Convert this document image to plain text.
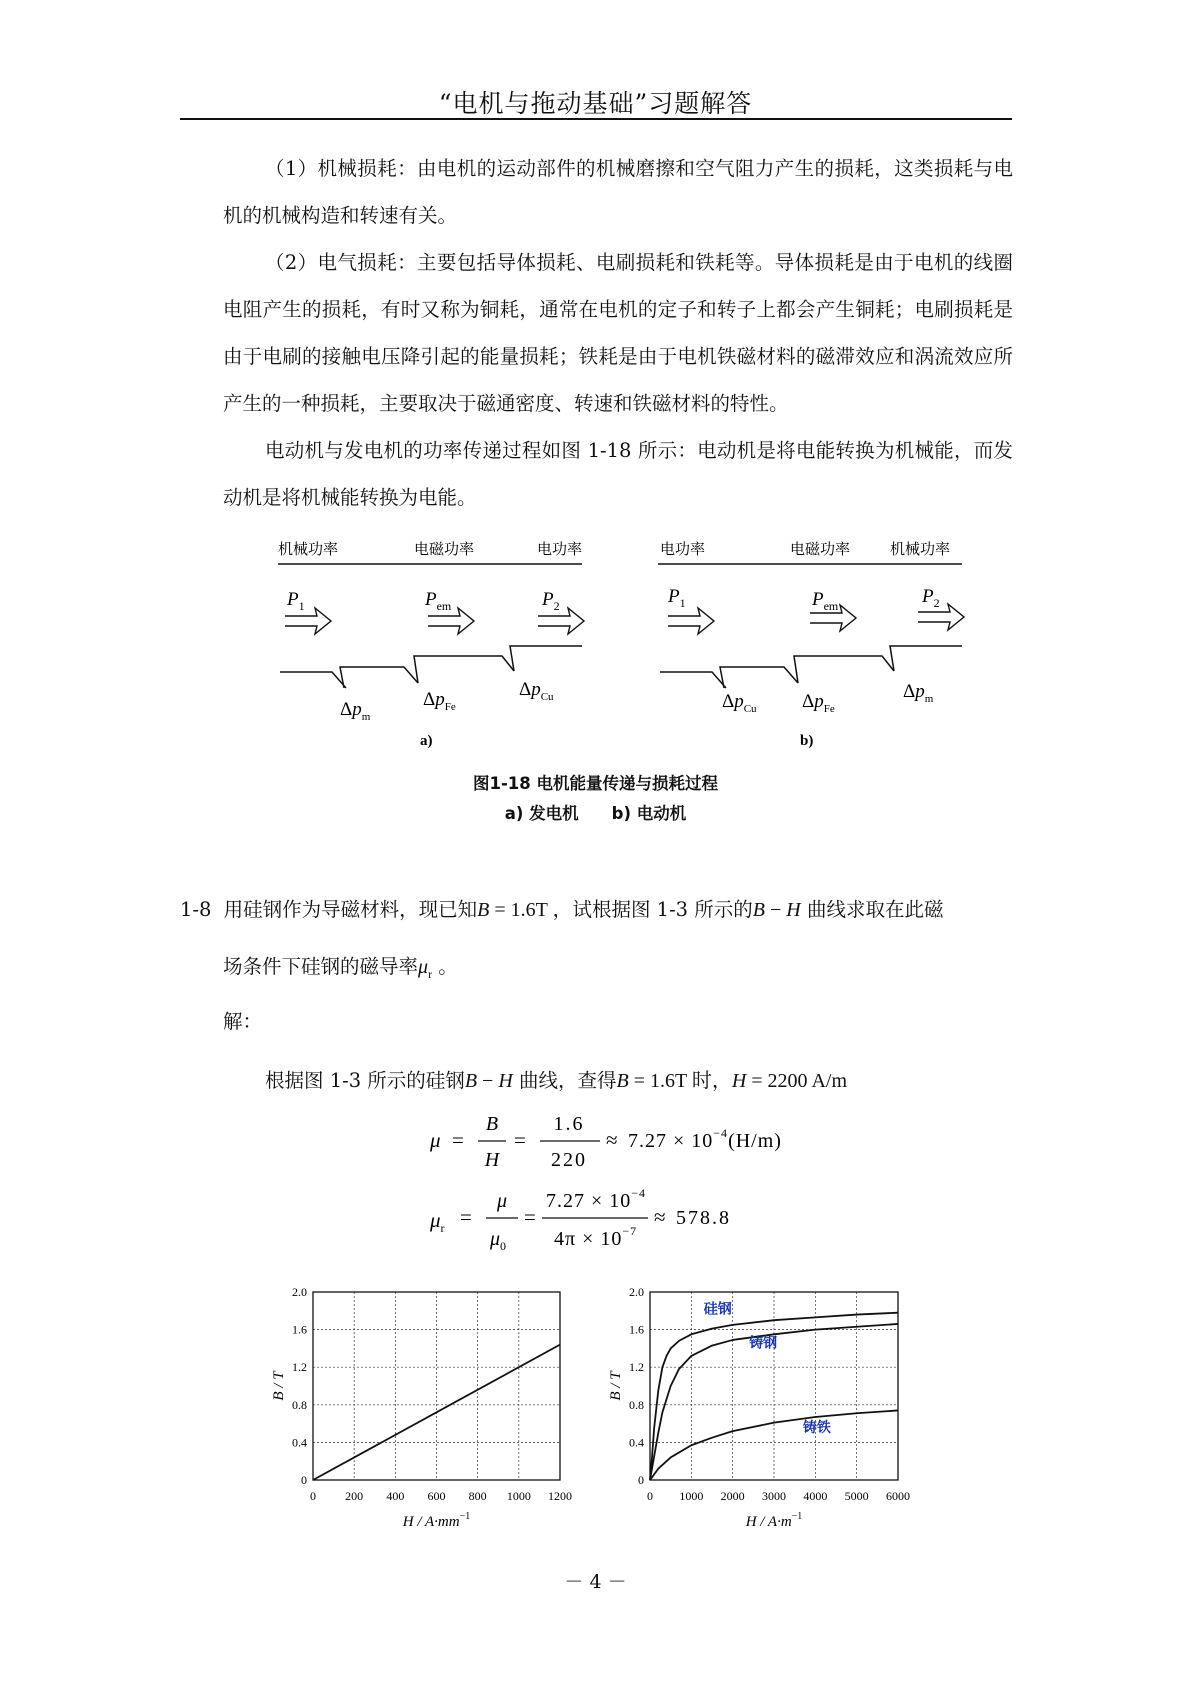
“电机与拖动基础”习题解答

（1）机械损耗：由电机的运动部件的机械磨擦和空气阻力产生的损耗，这类损耗与电机的机械构造和转速有关。

（2）电气损耗：主要包括导体损耗、电刷损耗和铁耗等。导体损耗是由于电机的线圈电阻产生的损耗，有时又称为铜耗，通常在电机的定子和转子上都会产生铜耗；电刷损耗是由于电刷的接触电压降引起的能量损耗；铁耗是由于电机铁磁材料的磁滞效应和涡流效应所产生的一种损耗，主要取决于磁通密度、转速和铁磁材料的特性。

电动机与发电机的功率传递过程如图 1-18 所示：电动机是将电能转换为机械能，而发动机是将机械能转换为电能。

机械功率	电磁功率	电功率
$P_1$	$P_{em}$	$P_2$
$\Delta p_m$
$\Delta p_{Fe}$
$\Delta p_{Cu}$
a)
电功率	电磁功率	机械功率
$P_1$	$P_{em}$	$P_2$
$\Delta p_{Cu}$ $\Delta p_{Fe}$
$\Delta p_m$
b)
图1-18 电机能量传递与损耗过程
a) 发电机　　b) 电动机
1-8 用硅钢作为导磁材料，现已知B = 1.6T ，试根据图 1-3 所示的B − H 曲线求取在此磁
场条件下硅钢的磁导率$\mu_r$ 。
解：
根据图 1-3 所示的硅钢B − H 曲线，查得B = 1.6T 时，H = 2200 A/m
μ =
B
H
=
1.6
220
≈ $7.27 \times 10^{-4}(H/m)$
$\mu_r$ =
μ
$\mu_0$
=
$7.27 \times 10^{-4}$
$4\pi \times 10^{-7}$
≈ 578.8
0 200 400 600 800 1000 1200
0
0.4
0.8
1.2
1.6
2.0
$H / A\cdot mm^{-1}$
B / T
0 1000 2000 3000 4000 5000 6000
0
0.4
0.8
1.2
1.6
2.0
硅钢
铸钢
铸铁
$H / A\cdot m^{-1}$
B / T
－ 4 －
